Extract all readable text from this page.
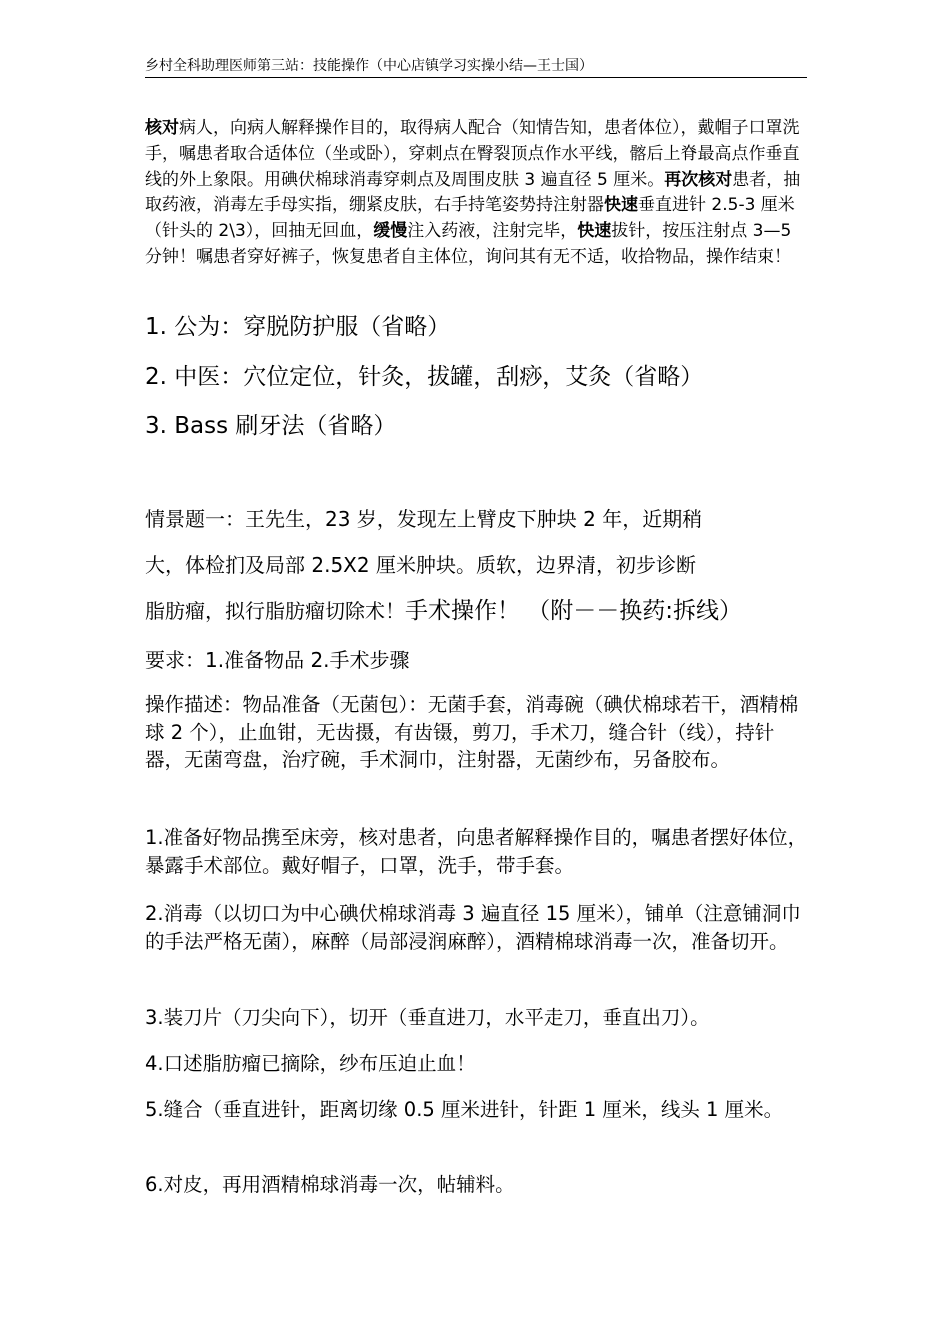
乡村全科助理医师第三站：技能操作（中心店镇学习实操小结—王士国）
核对病人，向病人解释操作目的，取得病人配合（知情告知，患者体位），戴帽子口罩洗手，嘱患者取合适体位（坐或卧），穿刺点在臀裂顶点作水平线，髂后上脊最高点作垂直线的外上象限。用碘伏棉球消毒穿刺点及周围皮肤 3 遍直径 5 厘米。再次核对患者，抽取药液，消毒左手母实指，绷紧皮肤，右手持笔姿势持注射器快速垂直进针 2.5-3 厘米（针头的 2\3），回抽无回血，缓慢注入药液，注射完毕，快速拔针，按压注射点 3—5 分钟！嘱患者穿好裤子，恢复患者自主体位，询问其有无不适，收拾物品，操作结束！
1. 公为：穿脱防护服（省略）
2. 中医：穴位定位，针灸，拔罐，刮痧，艾灸（省略）
3. Bass 刷牙法（省略）
情景题一：王先生，23 岁，发现左上臂皮下肿块 2 年，近期稍
大，体检扪及局部 2.5X2 厘米肿块。质软，边界清，初步诊断
脂肪瘤，拟行脂肪瘤切除术！手术操作！ （附－－换药:拆线）
要求：1.准备物品 2.手术步骤
操作描述：物品准备（无菌包）：无菌手套，消毒碗（碘伏棉球若干，酒精棉球 2 个），止血钳，无齿摄，有齿镊，剪刀，手术刀，缝合针（线），持针器，无菌弯盘，治疗碗，手术洞巾，注射器，无菌纱布，另备胶布。
1.准备好物品携至床旁，核对患者，向患者解释操作目的，嘱患者摆好体位，暴露手术部位。戴好帽子，口罩，洗手，带手套。
2.消毒（以切口为中心碘伏棉球消毒 3 遍直径 15 厘米），铺单（注意铺洞巾的手法严格无菌），麻醉（局部浸润麻醉），酒精棉球消毒一次，准备切开。
3.装刀片（刀尖向下），切开（垂直进刀，水平走刀，垂直出刀）。
4.口述脂肪瘤已摘除，纱布压迫止血！
5.缝合（垂直进针，距离切缘 0.5 厘米进针，针距 1 厘米，线头 1 厘米。
6.对皮，再用酒精棉球消毒一次，帖辅料。
